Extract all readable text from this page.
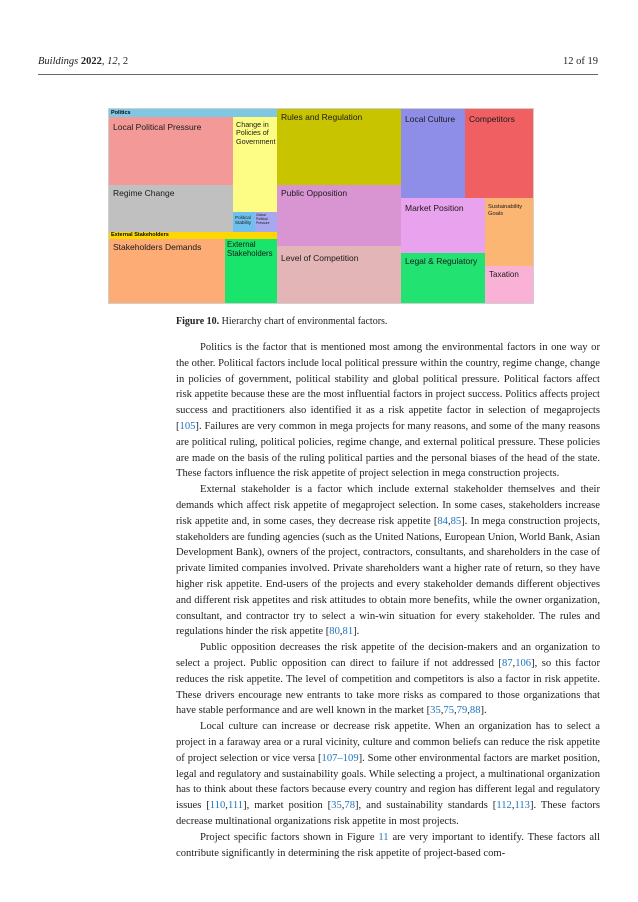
Buildings 2022, 12, 2	12 of 19
Politics
Local Political Pressure	Change in
Policies of
Government
Rules and Regulation	Local Culture Competitors
Regime Change
Political
Stability
Global
Political
Pressure
Public Opposition
Market Position	Sustainability
Goals
External Stakeholders
Stakeholders Demands	External
Stakeholders Level of Competition	Legal & Regulatory
Taxation
Figure 10. Hierarchy chart of environmental factors.

Politics is the factor that is mentioned most among the environmental factors in one way or the other. Political factors include local political pressure within the country, regime change, change in policies of government, political stability and global political pressure. Political factors affect risk appetite because these are the most influential factors in project success. Politics affects project success and practitioners also identified it as a risk appetite factor in selection of megaprojects [105]. Failures are very common in mega projects for many reasons, and some of the many reasons are political ruling, political policies, regime change, and external political pressure. These policies are made on the basis of the ruling political parties and the personal biases of the head of the state. These factors influence the risk appetite of project selection in mega construction projects.

External stakeholder is a factor which include external stakeholder themselves and their demands which affect risk appetite of megaproject selection. In some cases, stakeholders increase risk appetite and, in some cases, they decrease risk appetite [84,85]. In mega construction projects, stakeholders are funding agencies (such as the United Nations, European Union, World Bank, Asian Development Bank), owners of the project, contractors, consultants, and shareholders in the case of private limited companies involved. Private shareholders want a higher rate of return, so they have higher risk appetite. End-users of the projects and every stakeholder demands different objectives and different risk appetites and risk attitudes to obtain more benefits, while the owner organization, consultant, and contractor try to select a win-win situation for every stakeholder. The rules and regulations hinder the risk appetite [80,81].

Public opposition decreases the risk appetite of the decision-makers and an organization to select a project. Public opposition can direct to failure if not addressed [87,106], so this factor reduces the risk appetite. The level of competition and competitors is also a factor in risk appetite. These drivers encourage new entrants to take more risks as compared to those organizations that have stable performance and are well known in the market [35,75,79,88].

Local culture can increase or decrease risk appetite. When an organization has to select a project in a faraway area or a rural vicinity, culture and common beliefs can reduce the risk appetite of project selection or vice versa [107–109]. Some other environmental factors are market position, legal and regulatory and sustainability goals. While selecting a project, a multinational organization has to think about these factors because every country and region has different legal and regulatory issues [110,111], market position [35,78], and sustainability standards [112,113]. These factors decrease multinational organizations risk appetite in most projects.

Project specific factors shown in Figure 11 are very important to identify. These factors all contribute significantly in determining the risk appetite of project-based com-
